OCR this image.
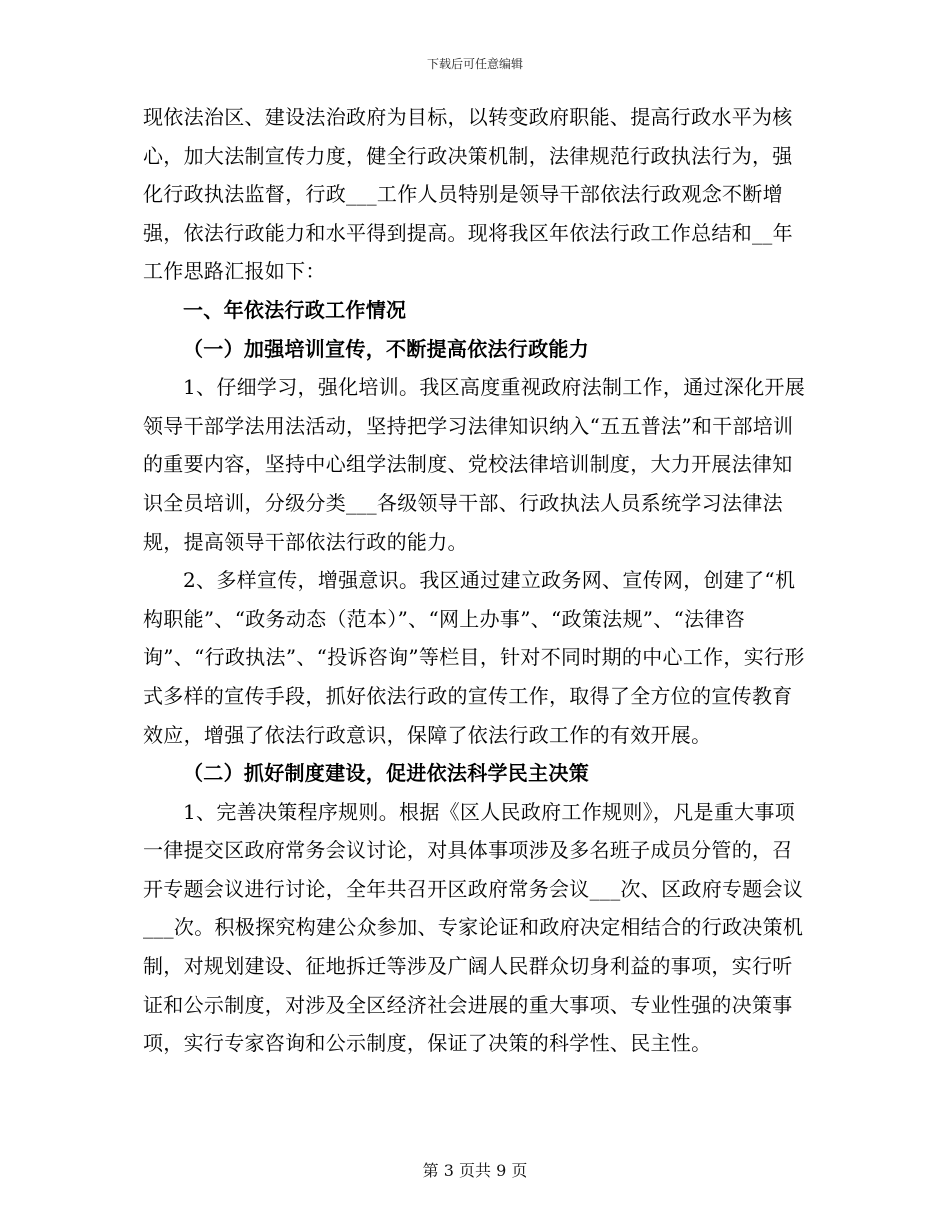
下载后可任意编辑

现依法治区、建设法治政府为目标，以转变政府职能、提高行政水平为核心，加大法制宣传力度，健全行政决策机制，法律规范行政执法行为，强化行政执法监督，行政___工作人员特别是领导干部依法行政观念不断增强，依法行政能力和水平得到提高。现将我区年依法行政工作总结和__年工作思路汇报如下：

一、年依法行政工作情况

（一）加强培训宣传，不断提高依法行政能力

1、仔细学习，强化培训。我区高度重视政府法制工作，通过深化开展领导干部学法用法活动，坚持把学习法律知识纳入“五五普法”和干部培训的重要内容，坚持中心组学法制度、党校法律培训制度，大力开展法律知识全员培训，分级分类___各级领导干部、行政执法人员系统学习法律法规，提高领导干部依法行政的能力。

2、多样宣传，增强意识。我区通过建立政务网、宣传网，创建了“机构职能”、“政务动态（范本）”、“网上办事”、“政策法规”、“法律咨询”、“行政执法”、“投诉咨询”等栏目，针对不同时期的中心工作，实行形式多样的宣传手段，抓好依法行政的宣传工作，取得了全方位的宣传教育效应，增强了依法行政意识，保障了依法行政工作的有效开展。

（二）抓好制度建设，促进依法科学民主决策

1、完善决策程序规则。根据《区人民政府工作规则》，凡是重大事项一律提交区政府常务会议讨论，对具体事项涉及多名班子成员分管的，召开专题会议进行讨论，全年共召开区政府常务会议___次、区政府专题会议___次。积极探究构建公众参加、专家论证和政府决定相结合的行政决策机制，对规划建设、征地拆迁等涉及广阔人民群众切身利益的事项，实行听证和公示制度，对涉及全区经济社会进展的重大事项、专业性强的决策事项，实行专家咨询和公示制度，保证了决策的科学性、民主性。

第 3 页共 9 页
